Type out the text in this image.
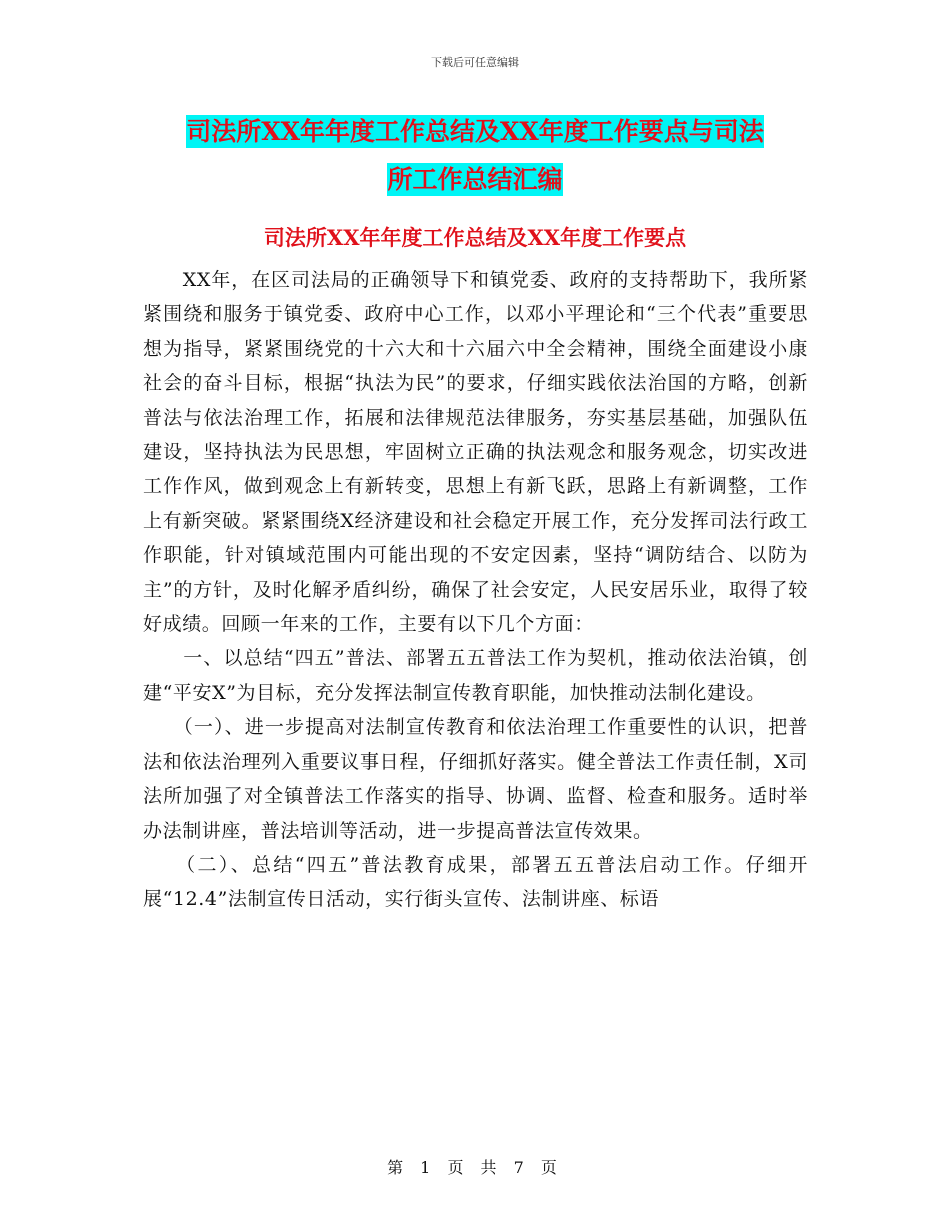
下载后可任意编辑
司法所XX年年度工作总结及XX年度工作要点与司法
所工作总结汇编
司法所XX年年度工作总结及XX年度工作要点

　　XX年，在区司法局的正确领导下和镇党委、政府的支持帮助下，我所紧紧围绕和服务于镇党委、政府中心工作，以邓小平理论和“三个代表”重要思想为指导，紧紧围绕党的十六大和十六届六中全会精神，围绕全面建设小康社会的奋斗目标，根据“执法为民”的要求，仔细实践依法治国的方略，创新普法与依法治理工作，拓展和法律规范法律服务，夯实基层基础，加强队伍建设，坚持执法为民思想，牢固树立正确的执法观念和服务观念，切实改进工作作风，做到观念上有新转变，思想上有新飞跃，思路上有新调整，工作上有新突破。紧紧围绕X经济建设和社会稳定开展工作，充分发挥司法行政工作职能，针对镇域范围内可能出现的不安定因素，坚持“调防结合、以防为主”的方针，及时化解矛盾纠纷，确保了社会安定，人民安居乐业，取得了较好成绩。回顾一年来的工作，主要有以下几个方面：

　　一、以总结“四五”普法、部署五五普法工作为契机，推动依法治镇，创建“平安X”为目标，充分发挥法制宣传教育职能，加快推动法制化建设。

　　（一）、进一步提高对法制宣传教育和依法治理工作重要性的认识，把普法和依法治理列入重要议事日程，仔细抓好落实。健全普法工作责任制，X司法所加强了对全镇普法工作落实的指导、协调、监督、检查和服务。适时举办法制讲座，普法培训等活动，进一步提高普法宣传效果。

　　（二）、总结“四五”普法教育成果，部署五五普法启动工作。仔细开展“12.4”法制宣传日活动，实行街头宣传、法制讲座、标语

第 1 页 共 7 页
